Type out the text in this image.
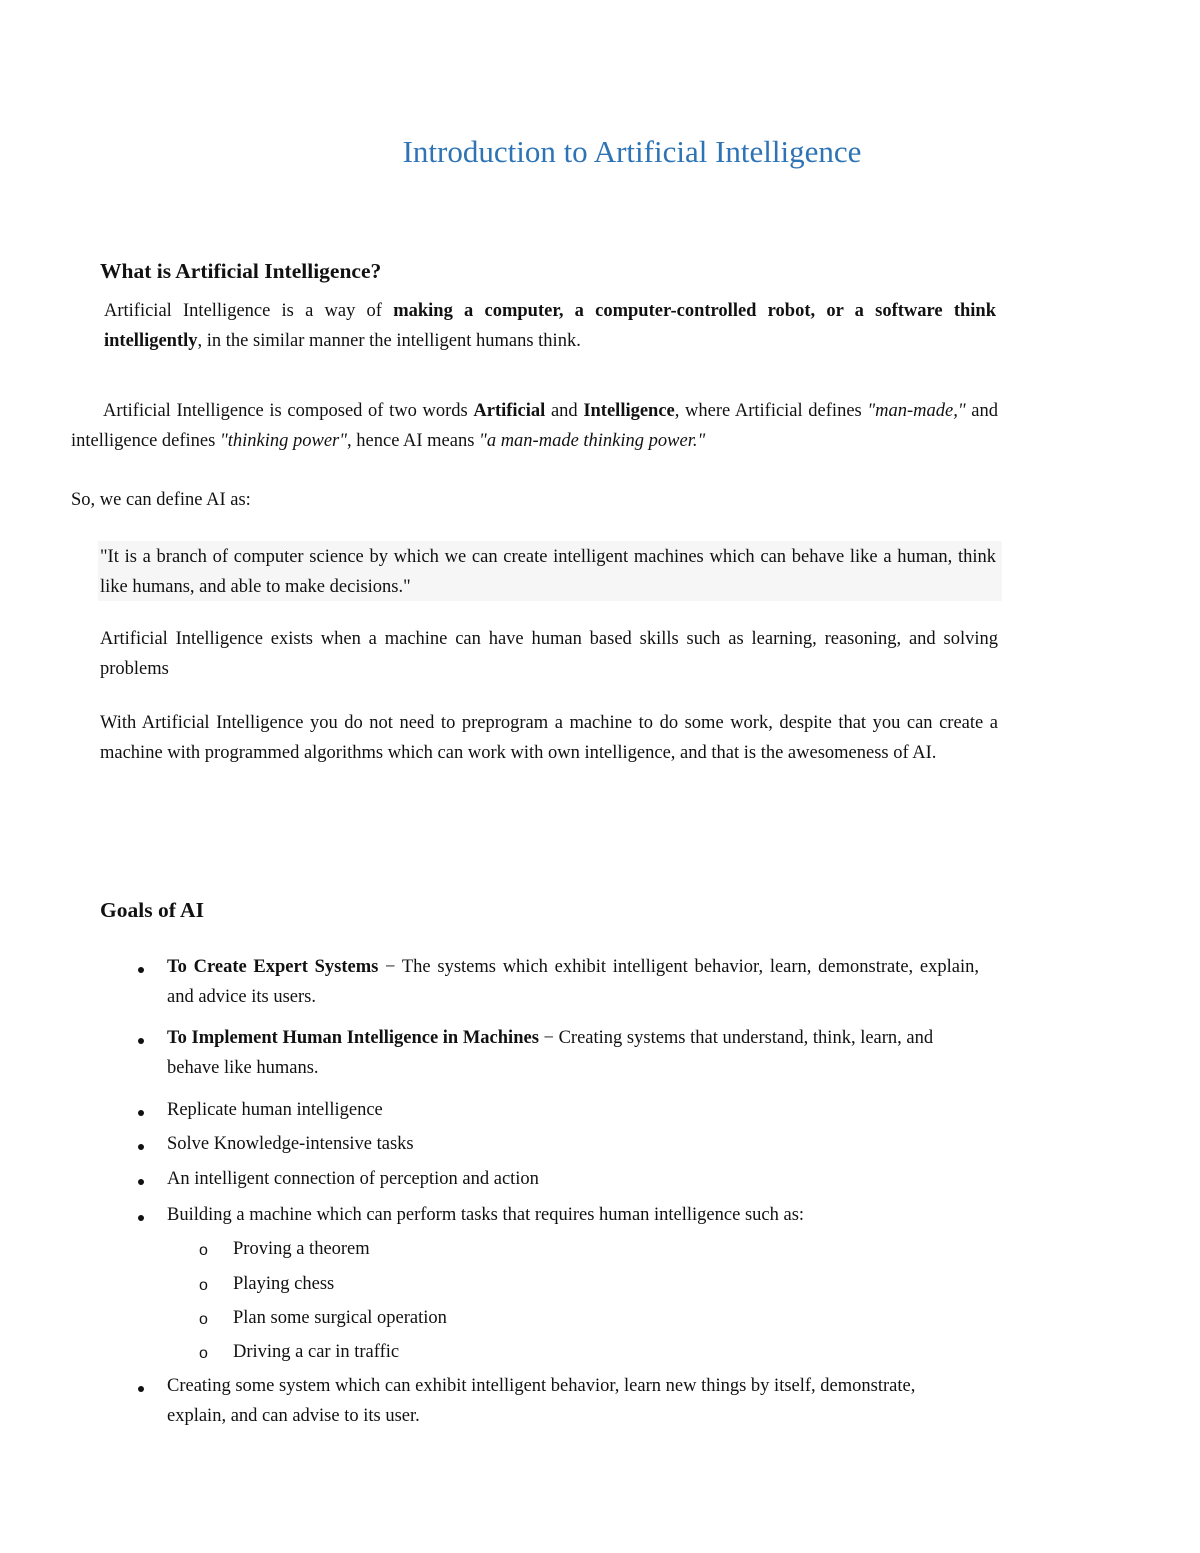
Introduction to Artificial Intelligence
What is Artificial Intelligence?

Artificial Intelligence is a way of making a computer, a computer-controlled robot, or a software think intelligently, in the similar manner the intelligent humans think.

Artificial Intelligence is composed of two words Artificial and Intelligence, where Artificial defines "man-made," and intelligence defines "thinking power", hence AI means "a man-made thinking power."

So, we can define AI as:

"It is a branch of computer science by which we can create intelligent machines which can behave like a human, think like humans, and able to make decisions."

Artificial Intelligence exists when a machine can have human based skills such as learning, reasoning, and solving problems

With Artificial Intelligence you do not need to preprogram a machine to do some work, despite that you can create a machine with programmed algorithms which can work with own intelligence, and that is the awesomeness of AI.

Goals of AI
To Create Expert Systems − The systems which exhibit intelligent behavior, learn, demonstrate, explain, and advice its users.
To Implement Human Intelligence in Machines − Creating systems that understand, think, learn, and behave like humans.
Replicate human intelligence
Solve Knowledge-intensive tasks
An intelligent connection of perception and action
Building a machine which can perform tasks that requires human intelligence such as:
o Proving a theorem
o Playing chess
o Plan some surgical operation
o Driving a car in traffic
Creating some system which can exhibit intelligent behavior, learn new things by itself, demonstrate, explain, and can advise to its user.
